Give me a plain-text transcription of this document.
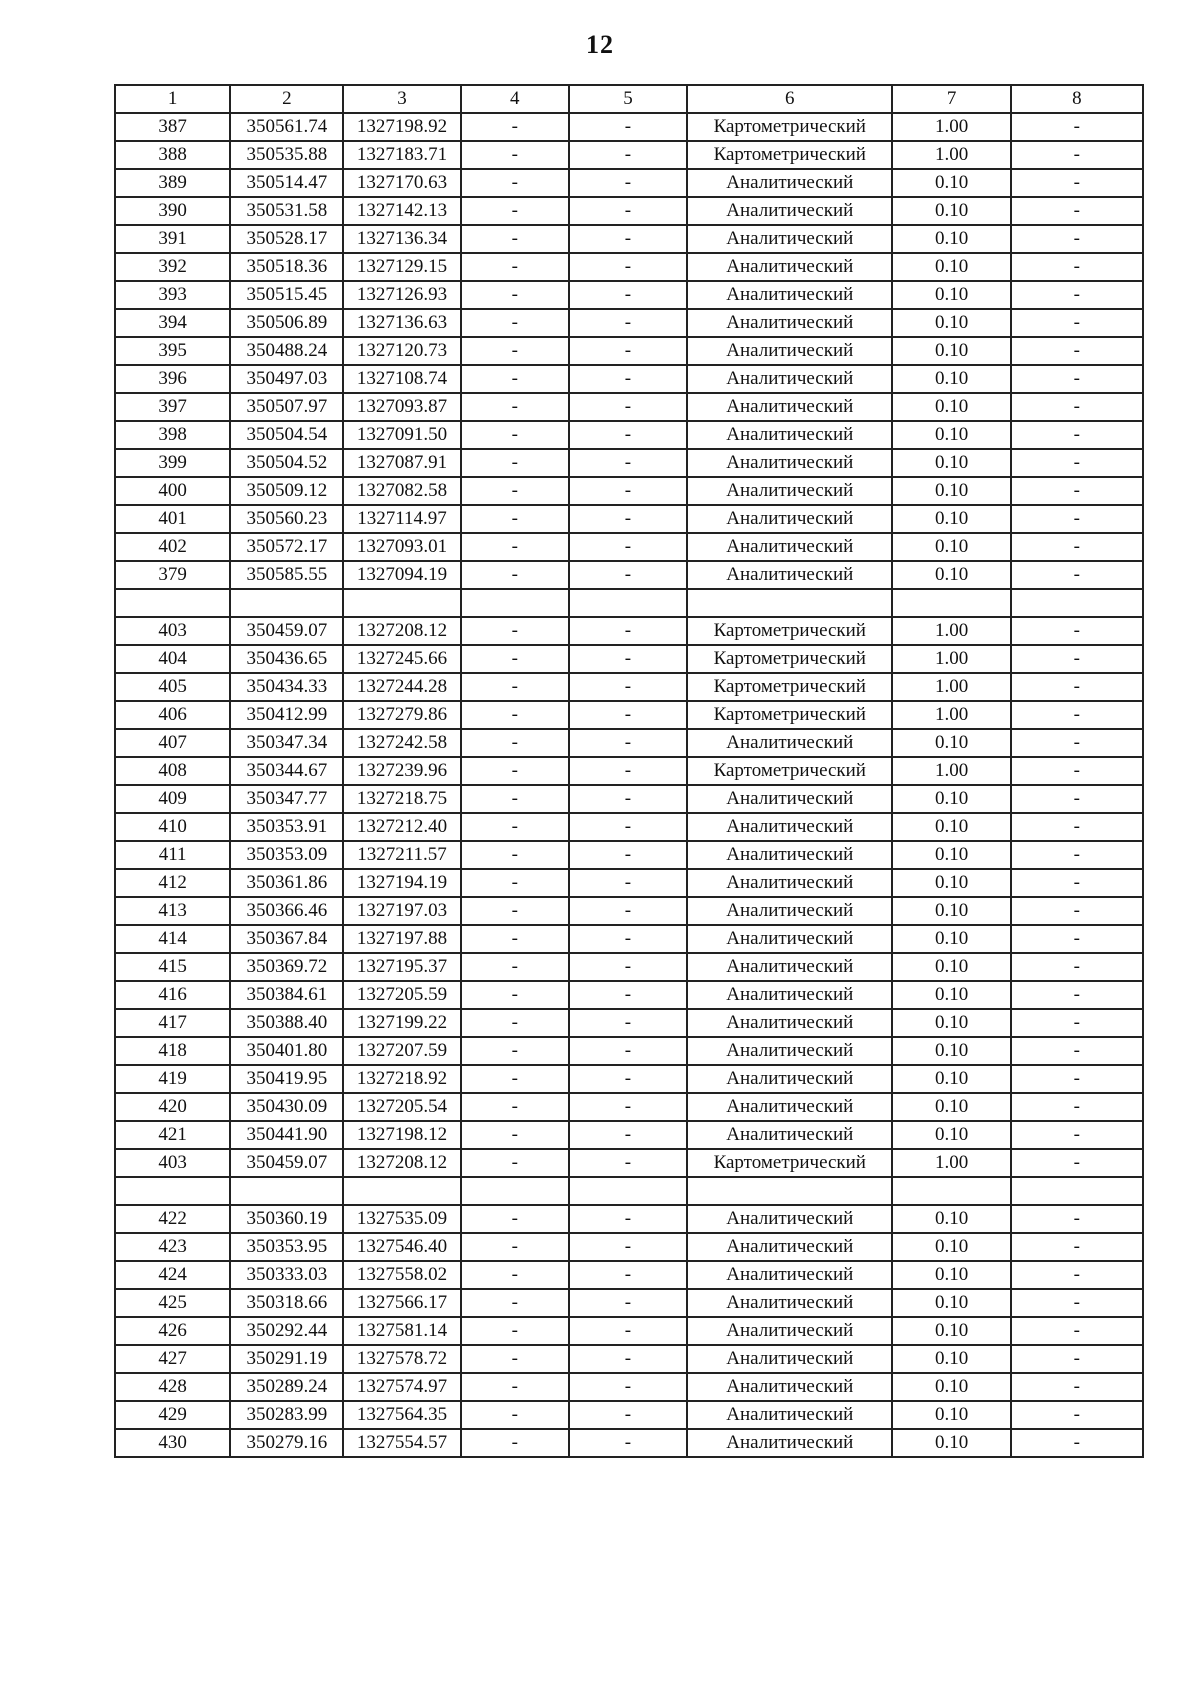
12
1	2	3	4	5	6	7	8
387	350561.74	1327198.92	-	-	Картометрический	1.00	-
388	350535.88	1327183.71	-	-	Картометрический	1.00	-
389	350514.47	1327170.63	-	-	Аналитический	0.10	-
390	350531.58	1327142.13	-	-	Аналитический	0.10	-
391	350528.17	1327136.34	-	-	Аналитический	0.10	-
392	350518.36	1327129.15	-	-	Аналитический	0.10	-
393	350515.45	1327126.93	-	-	Аналитический	0.10	-
394	350506.89	1327136.63	-	-	Аналитический	0.10	-
395	350488.24	1327120.73	-	-	Аналитический	0.10	-
396	350497.03	1327108.74	-	-	Аналитический	0.10	-
397	350507.97	1327093.87	-	-	Аналитический	0.10	-
398	350504.54	1327091.50	-	-	Аналитический	0.10	-
399	350504.52	1327087.91	-	-	Аналитический	0.10	-
400	350509.12	1327082.58	-	-	Аналитический	0.10	-
401	350560.23	1327114.97	-	-	Аналитический	0.10	-
402	350572.17	1327093.01	-	-	Аналитический	0.10	-
379	350585.55	1327094.19	-	-	Аналитический	0.10	-

403	350459.07	1327208.12	-	-	Картометрический	1.00	-
404	350436.65	1327245.66	-	-	Картометрический	1.00	-
405	350434.33	1327244.28	-	-	Картометрический	1.00	-
406	350412.99	1327279.86	-	-	Картометрический	1.00	-
407	350347.34	1327242.58	-	-	Аналитический	0.10	-
408	350344.67	1327239.96	-	-	Картометрический	1.00	-
409	350347.77	1327218.75	-	-	Аналитический	0.10	-
410	350353.91	1327212.40	-	-	Аналитический	0.10	-
411	350353.09	1327211.57	-	-	Аналитический	0.10	-
412	350361.86	1327194.19	-	-	Аналитический	0.10	-
413	350366.46	1327197.03	-	-	Аналитический	0.10	-
414	350367.84	1327197.88	-	-	Аналитический	0.10	-
415	350369.72	1327195.37	-	-	Аналитический	0.10	-
416	350384.61	1327205.59	-	-	Аналитический	0.10	-
417	350388.40	1327199.22	-	-	Аналитический	0.10	-
418	350401.80	1327207.59	-	-	Аналитический	0.10	-
419	350419.95	1327218.92	-	-	Аналитический	0.10	-
420	350430.09	1327205.54	-	-	Аналитический	0.10	-
421	350441.90	1327198.12	-	-	Аналитический	0.10	-
403	350459.07	1327208.12	-	-	Картометрический	1.00	-

422	350360.19	1327535.09	-	-	Аналитический	0.10	-
423	350353.95	1327546.40	-	-	Аналитический	0.10	-
424	350333.03	1327558.02	-	-	Аналитический	0.10	-
425	350318.66	1327566.17	-	-	Аналитический	0.10	-
426	350292.44	1327581.14	-	-	Аналитический	0.10	-
427	350291.19	1327578.72	-	-	Аналитический	0.10	-
428	350289.24	1327574.97	-	-	Аналитический	0.10	-
429	350283.99	1327564.35	-	-	Аналитический	0.10	-
430	350279.16	1327554.57	-	-	Аналитический	0.10	-
